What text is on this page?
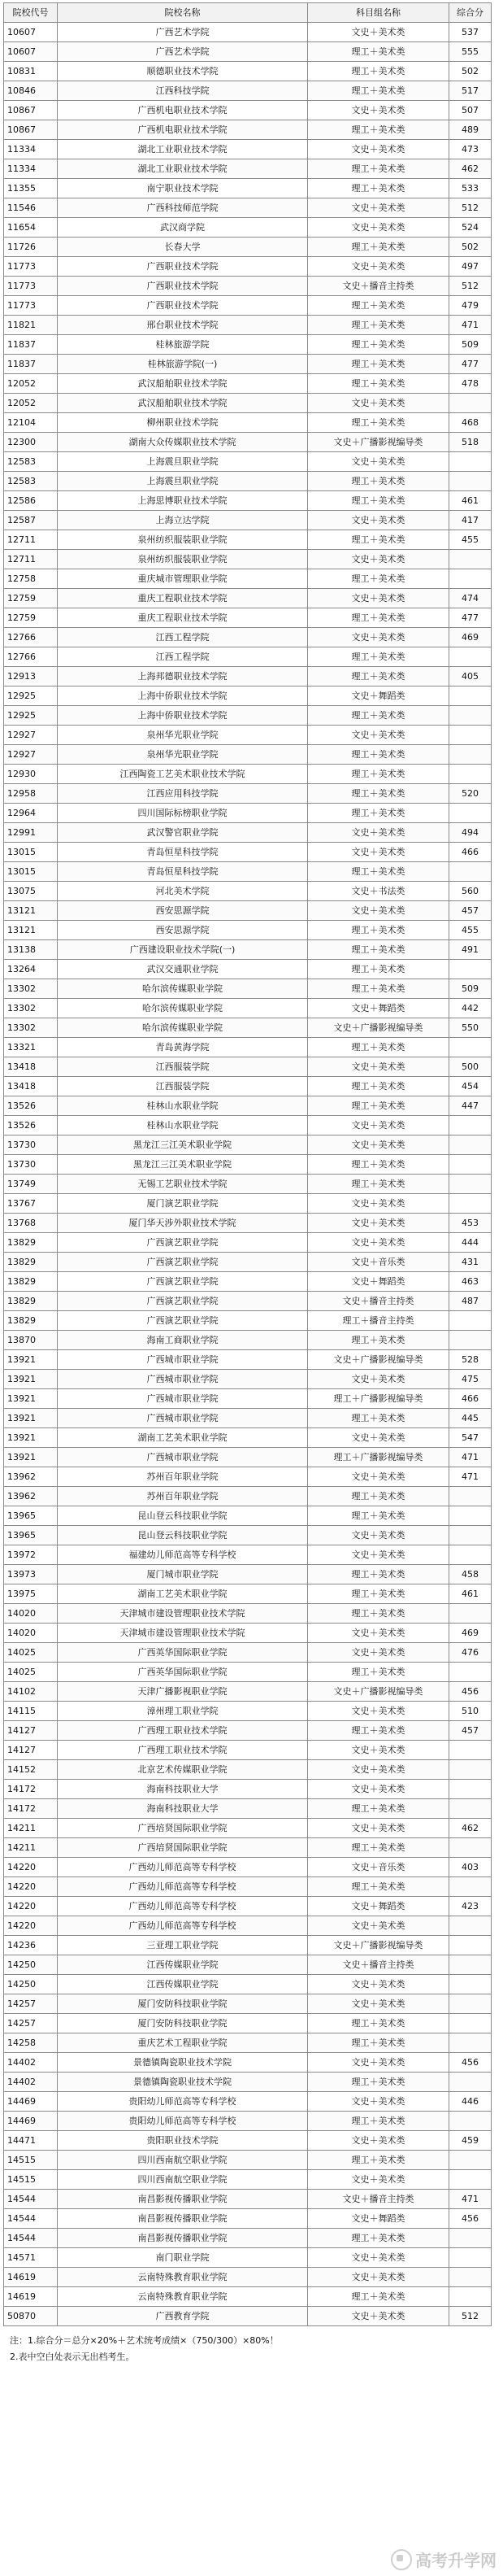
院校代号	院校名称	科目组名称	综合分
10607	广西艺术学院	文史＋美术类	537
10607	广西艺术学院	理工＋美术类	555
10831	顺德职业技术学院	理工＋美术类	502
10846	江西科技学院	理工＋美术类	517
10867	广西机电职业技术学院	文史＋美术类	507
10867	广西机电职业技术学院	理工＋美术类	489
11334	湖北工业职业技术学院	文史＋美术类	473
11334	湖北工业职业技术学院	理工＋美术类	462
11355	南宁职业技术学院	理工＋美术类	533
11546	广西科技师范学院	文史＋美术类	512
11654	武汉商学院	文史＋美术类	524
11726	长春大学	理工＋美术类	502
11773	广西职业技术学院	文史＋美术类	497
11773	广西职业技术学院	文史＋播音主持类	512
11773	广西职业技术学院	理工＋美术类	479
11821	邢台职业技术学院	理工＋美术类	471
11837	桂林旅游学院	理工＋美术类	509
11837	桂林旅游学院(一)	理工＋美术类	477
12052	武汉船舶职业技术学院	理工＋美术类	478
12052	武汉船舶职业技术学院	文史＋美术类	
12104	柳州职业技术学院	理工＋美术类	468
12300	湖南大众传媒职业技术学院	文史＋广播影视编导类	518
12583	上海震旦职业学院	文史＋美术类	
12583	上海震旦职业学院	理工＋美术类	
12586	上海思博职业技术学院	理工＋美术类	461
12587	上海立达学院	文史＋美术类	417
12711	泉州纺织服装职业学院	理工＋美术类	455
12711	泉州纺织服装职业学院	文史＋美术类	
12758	重庆城市管理职业学院	理工＋美术类	
12759	重庆工程职业技术学院	文史＋美术类	474
12759	重庆工程职业技术学院	理工＋美术类	477
12766	江西工程学院	文史＋美术类	469
12766	江西工程学院	理工＋美术类	
12913	上海邦德职业技术学院	理工＋美术类	405
12925	上海中侨职业技术学院	文史＋舞蹈类	
12925	上海中侨职业技术学院	理工＋美术类	
12927	泉州华光职业学院	文史＋美术类	
12927	泉州华光职业学院	理工＋美术类	
12930	江西陶瓷工艺美术职业技术学院	理工＋美术类	
12958	江西应用科技学院	理工＋美术类	520
12964	四川国际标榜职业学院	理工＋美术类	
12991	武汉警官职业学院	文史＋美术类	494
13015	青岛恒星科技学院	文史＋美术类	466
13015	青岛恒星科技学院	理工＋美术类	
13075	河北美术学院	文史＋书法类	560
13121	西安思源学院	文史＋美术类	457
13121	西安思源学院	理工＋美术类	455
13138	广西建设职业技术学院(一)	理工＋美术类	491
13264	武汉交通职业学院	理工＋美术类	
13302	哈尔滨传媒职业学院	理工＋美术类	509
13302	哈尔滨传媒职业学院	文史＋舞蹈类	442
13302	哈尔滨传媒职业学院	文史＋广播影视编导类	550
13321	青岛黄海学院	理工＋美术类	
13418	江西服装学院	文史＋美术类	500
13418	江西服装学院	理工＋美术类	454
13526	桂林山水职业学院	理工＋美术类	447
13526	桂林山水职业学院	文史＋美术类	
13730	黑龙江三江美术职业学院	文史＋美术类	
13730	黑龙江三江美术职业学院	理工＋美术类	
13749	无锡工艺职业技术学院	理工＋美术类	
13767	厦门演艺职业学院	文史＋美术类	
13768	厦门华天涉外职业技术学院	文史＋美术类	453
13829	广西演艺职业学院	文史＋美术类	444
13829	广西演艺职业学院	文史＋音乐类	431
13829	广西演艺职业学院	文史＋舞蹈类	463
13829	广西演艺职业学院	文史＋播音主持类	487
13829	广西演艺职业学院	理工＋播音主持类	
13870	海南工商职业学院	理工＋美术类	
13921	广西城市职业学院	文史＋广播影视编导类	528
13921	广西城市职业学院	文史＋美术类	475
13921	广西城市职业学院	理工＋广播影视编导类	466
13921	广西城市职业学院	理工＋美术类	445
13921	湖南工艺美术职业学院	文史＋美术类	547
13921	广西城市职业学院	理工＋广播影视编导类	471
13962	苏州百年职业学院	文史＋美术类	471
13962	苏州百年职业学院	理工＋美术类	
13965	昆山登云科技职业学院	理工＋美术类	
13965	昆山登云科技职业学院	文史＋美术类	
13972	福建幼儿师范高等专科学校	文史＋美术类	
13973	厦门城市职业学院	理工＋美术类	458
13975	湖南工艺美术职业学院	理工＋美术类	461
14020	天津城市建设管理职业技术学院	理工＋美术类	
14020	天津城市建设管理职业技术学院	文史＋美术类	469
14025	广西英华国际职业学院	文史＋美术类	476
14025	广西英华国际职业学院	理工＋美术类	
14102	天津广播影视职业学院	文史＋广播影视编导类	456
14115	漳州理工职业学院	文史＋美术类	510
14127	广西理工职业技术学院	理工＋美术类	457
14127	广西理工职业技术学院	文史＋美术类	
14152	北京艺术传媒职业学院	文史＋美术类	
14172	海南科技职业大学	文史＋美术类	
14172	海南科技职业大学	理工＋美术类	
14211	广西培贤国际职业学院	文史＋美术类	462
14211	广西培贤国际职业学院	理工＋美术类	
14220	广西幼儿师范高等专科学校	文史＋音乐类	403
14220	广西幼儿师范高等专科学校	理工＋美术类	
14220	广西幼儿师范高等专科学校	文史＋舞蹈类	423
14220	广西幼儿师范高等专科学校	文史＋美术类	
14236	三亚理工职业学院	文史＋广播影视编导类	
14250	江西传媒职业学院	文史＋播音主持类	
14250	江西传媒职业学院	文史＋美术类	
14257	厦门安防科技职业学院	文史＋美术类	
14257	厦门安防科技职业学院	理工＋美术类	
14258	重庆艺术工程职业学院	理工＋美术类	
14402	景德镇陶瓷职业技术学院	文史＋美术类	456
14402	景德镇陶瓷职业技术学院	理工＋美术类	
14469	贵阳幼儿师范高等专科学校	文史＋美术类	446
14469	贵阳幼儿师范高等专科学校	理工＋美术类	
14471	贵阳职业技术学院	文史＋美术类	459
14515	四川西南航空职业学院	理工＋美术类	
14515	四川西南航空职业学院	文史＋美术类	
14544	南昌影视传播职业学院	文史＋播音主持类	471
14544	南昌影视传播职业学院	文史＋舞蹈类	456
14544	南昌影视传播职业学院	理工＋美术类	
14571	南门职业学院	文史＋美术类	
14619	云南特殊教育职业学院	文史＋美术类	
14619	云南特殊教育职业学院	理工＋美术类	
50870	广西教育学院	文史＋美术类	512
注：1.综合分＝总分×20%＋艺术统考成绩×（750/300）×80%！
2.表中空白处表示无出档考生。
高考升学网
